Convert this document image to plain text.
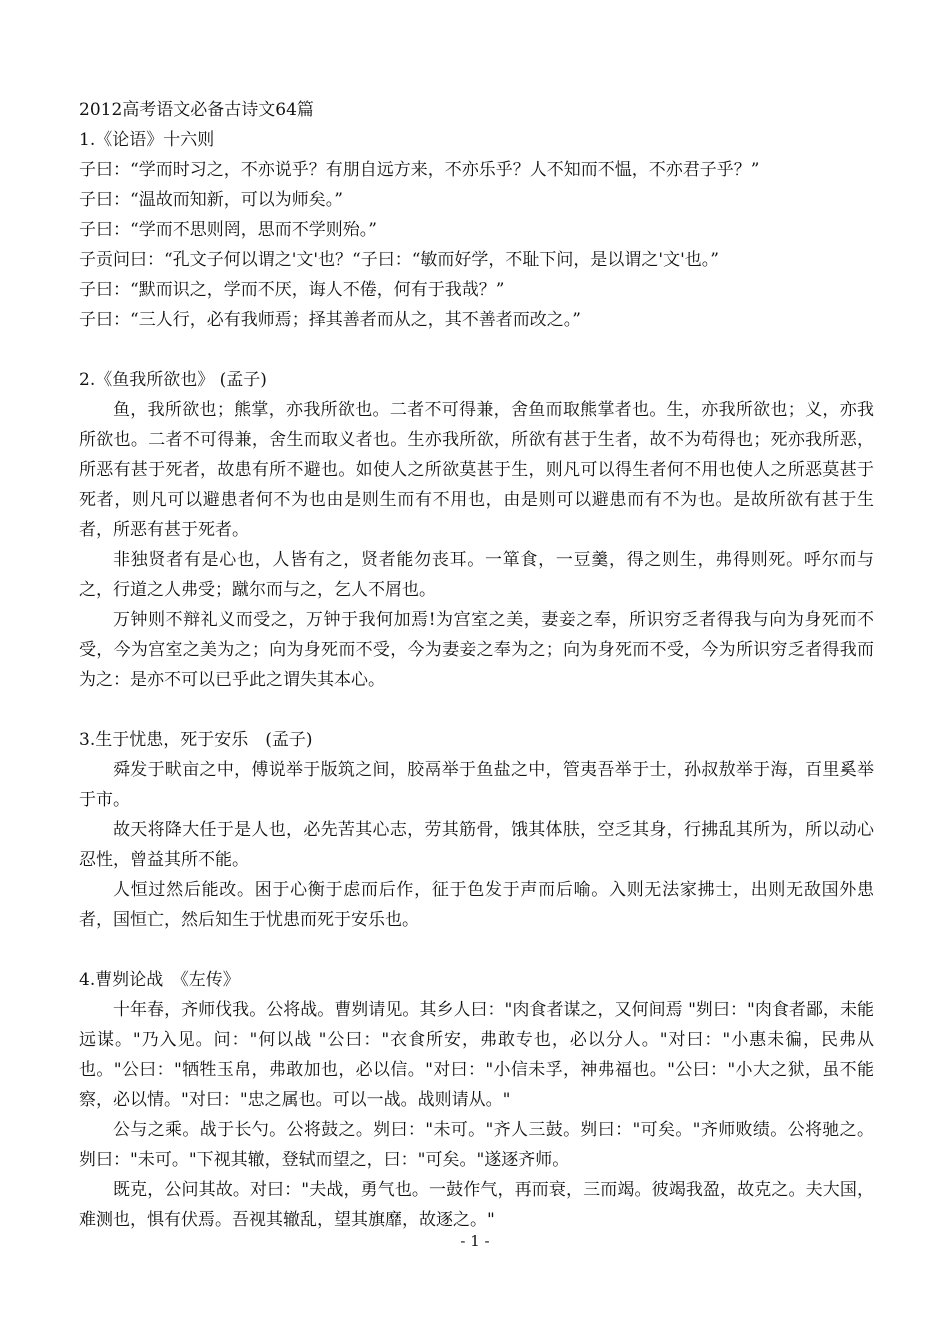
2012高考语文必备古诗文64篇
1.《论语》十六则
子曰：“学而时习之，不亦说乎？有朋自远方来，不亦乐乎？人不知而不愠，不亦君子乎？”
子曰：“温故而知新，可以为师矣。”
子曰：“学而不思则罔，思而不学则殆。”
子贡问曰：“孔文子何以谓之'文'也？“子曰：“敏而好学，不耻下问，是以谓之'文'也。”
子曰：“默而识之，学而不厌，诲人不倦，何有于我哉？”
子曰：“三人行，必有我师焉；择其善者而从之，其不善者而改之。”
2.《鱼我所欲也》 (孟子)

鱼，我所欲也；熊掌，亦我所欲也。二者不可得兼，舍鱼而取熊掌者也。生，亦我所欲也；义，亦我所欲也。二者不可得兼，舍生而取义者也。生亦我所欲，所欲有甚于生者，故不为苟得也；死亦我所恶，所恶有甚于死者，故患有所不避也。如使人之所欲莫甚于生，则凡可以得生者何不用也使人之所恶莫甚于死者，则凡可以避患者何不为也由是则生而有不用也，由是则可以避患而有不为也。是故所欲有甚于生者，所恶有甚于死者。

非独贤者有是心也，人皆有之，贤者能勿丧耳。一箪食，一豆羹，得之则生，弗得则死。呼尔而与之，行道之人弗受；蹴尔而与之，乞人不屑也。

万钟则不辩礼义而受之，万钟于我何加焉!为宫室之美，妻妾之奉，所识穷乏者得我与向为身死而不受，今为宫室之美为之；向为身死而不受，今为妻妾之奉为之；向为身死而不受，今为所识穷乏者得我而为之：是亦不可以已乎此之谓失其本心。

3.生于忧患，死于安乐　(孟子)

舜发于畎亩之中，傅说举于版筑之间，胶鬲举于鱼盐之中，管夷吾举于士，孙叔敖举于海，百里奚举于市。

故天将降大任于是人也，必先苦其心志，劳其筋骨，饿其体肤，空乏其身，行拂乱其所为，所以动心忍性，曾益其所不能。

人恒过然后能改。困于心衡于虑而后作，征于色发于声而后喻。入则无法家拂士，出则无敌国外患者，国恒亡，然后知生于忧患而死于安乐也。

4.曹刿论战　《左传》

十年春，齐师伐我。公将战。曹刿请见。其乡人曰："肉食者谋之，又何间焉 "刿曰："肉食者鄙，未能远谋。"乃入见。问："何以战 "公曰："衣食所安，弗敢专也，必以分人。"对曰："小惠未徧，民弗从也。"公曰："牺牲玉帛，弗敢加也，必以信。"对曰："小信未孚，神弗福也。"公曰："小大之狱，虽不能察，必以情。"对曰："忠之属也。可以一战。战则请从。"

公与之乘。战于长勺。公将鼓之。刿曰："未可。"齐人三鼓。刿曰："可矣。"齐师败绩。公将驰之。刿曰："未可。"下视其辙，登轼而望之，曰："可矣。"遂逐齐师。

既克，公问其故。对曰："夫战，勇气也。一鼓作气，再而衰，三而竭。彼竭我盈，故克之。夫大国，难测也，惧有伏焉。吾视其辙乱，望其旗靡，故逐之。"

- 1 -
